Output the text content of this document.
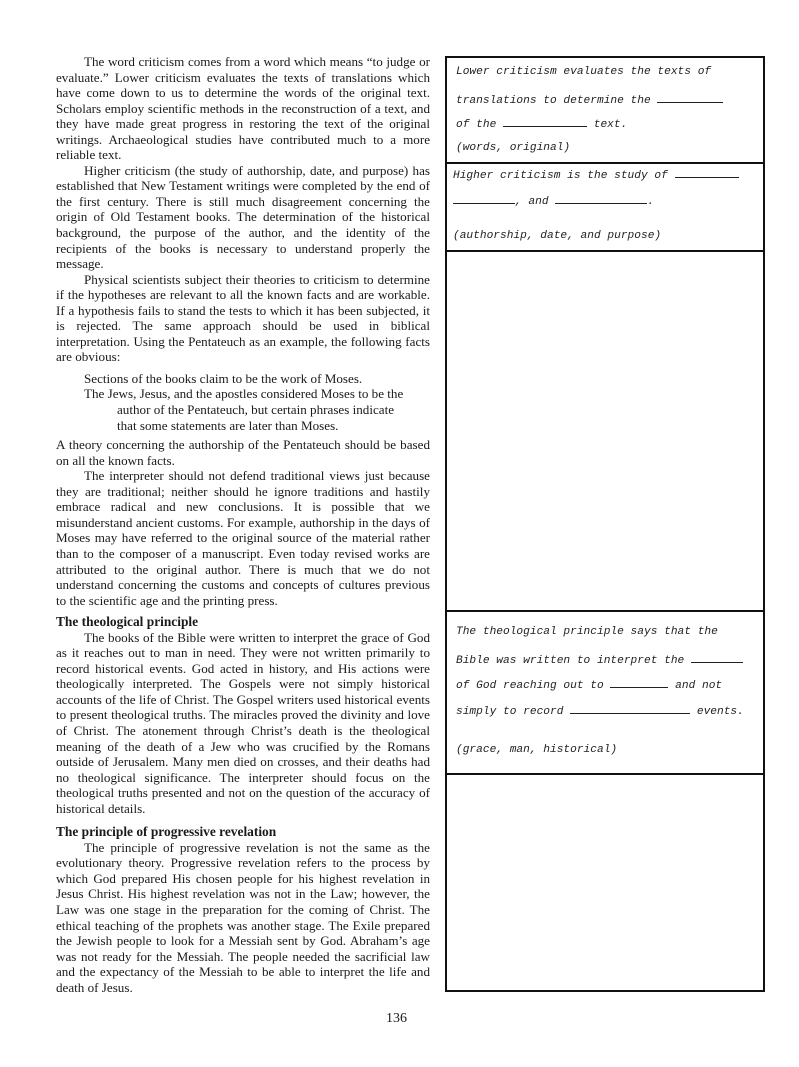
The word criticism comes from a word which means “to judge or evaluate.” Lower criticism evaluates the texts of translations which have come down to us to determine the words of the original text. Scholars employ scientific methods in the reconstruction of a text, and they have made great progress in restoring the text of the original writings. Archaeological studies have contributed much to a more reliable text.

Higher criticism (the study of authorship, date, and purpose) has established that New Testament writings were completed by the end of the first century. There is still much disagreement concerning the origin of Old Testament books. The determination of the historical background, the purpose of the author, and the identity of the recipients of the books is necessary to understand properly the message.

Physical scientists subject their theories to criticism to determine if the hypotheses are relevant to all the known facts and are workable. If a hypothesis fails to stand the tests to which it has been subjected, it is rejected. The same approach should be used in biblical interpretation. Using the Pentateuch as an example, the following facts are obvious:

Sections of the books claim to be the work of Moses.

The Jews, Jesus, and the apostles considered Moses to be the
author of the Pentateuch, but certain phrases indicate
that some statements are later than Moses.

A theory concerning the authorship of the Pentateuch should be based on all the known facts.

The interpreter should not defend traditional views just because they are traditional; neither should he ignore traditions and hastily embrace radical and new conclusions. It is possible that we misunderstand ancient customs. For example, authorship in the days of Moses may have referred to the original source of the material rather than to the composer of a manuscript. Even today revised works are attributed to the original author. There is much that we do not understand concerning the customs and concepts of cultures previous to the scientific age and the printing press.

The theological principle

The books of the Bible were written to interpret the grace of God as it reaches out to man in need. They were not written primarily to record historical events. God acted in history, and His actions were theologically interpreted. The Gospels were not simply historical accounts of the life of Christ. The Gospel writers used historical events to present theological truths. The miracles proved the divinity and love of Christ. The atonement through Christ’s death is the theological meaning of the death of a Jew who was crucified by the Romans outside of Jerusalem. Many men died on crosses, and their deaths had no theological significance. The interpreter should focus on the theological truths presented and not on the question of the accuracy of historical details.

The principle of progressive revelation

The principle of progressive revelation is not the same as the evolutionary theory. Progressive revelation refers to the process by which God prepared His chosen people for his highest revelation in Jesus Christ. His highest revelation was not in the Law; however, the Law was one stage in the preparation for the coming of Christ. The ethical teaching of the prophets was another stage. The Exile prepared the Jewish people to look for a Messiah sent by God. Abraham’s age was not ready for the Messiah. The people needed the sacrificial law and the expectancy of the Messiah to be able to interpret the life and death of Jesus.

Lower criticism evaluates the texts of
translations to determine the
of the	text.
(words, original)
Higher criticism is the study of
, and	.
(authorship, date, and purpose)
The theological principle says that the
Bible was written to interpret the
of God reaching out to	and not
simply to record	events.
(grace, man, historical)
136
